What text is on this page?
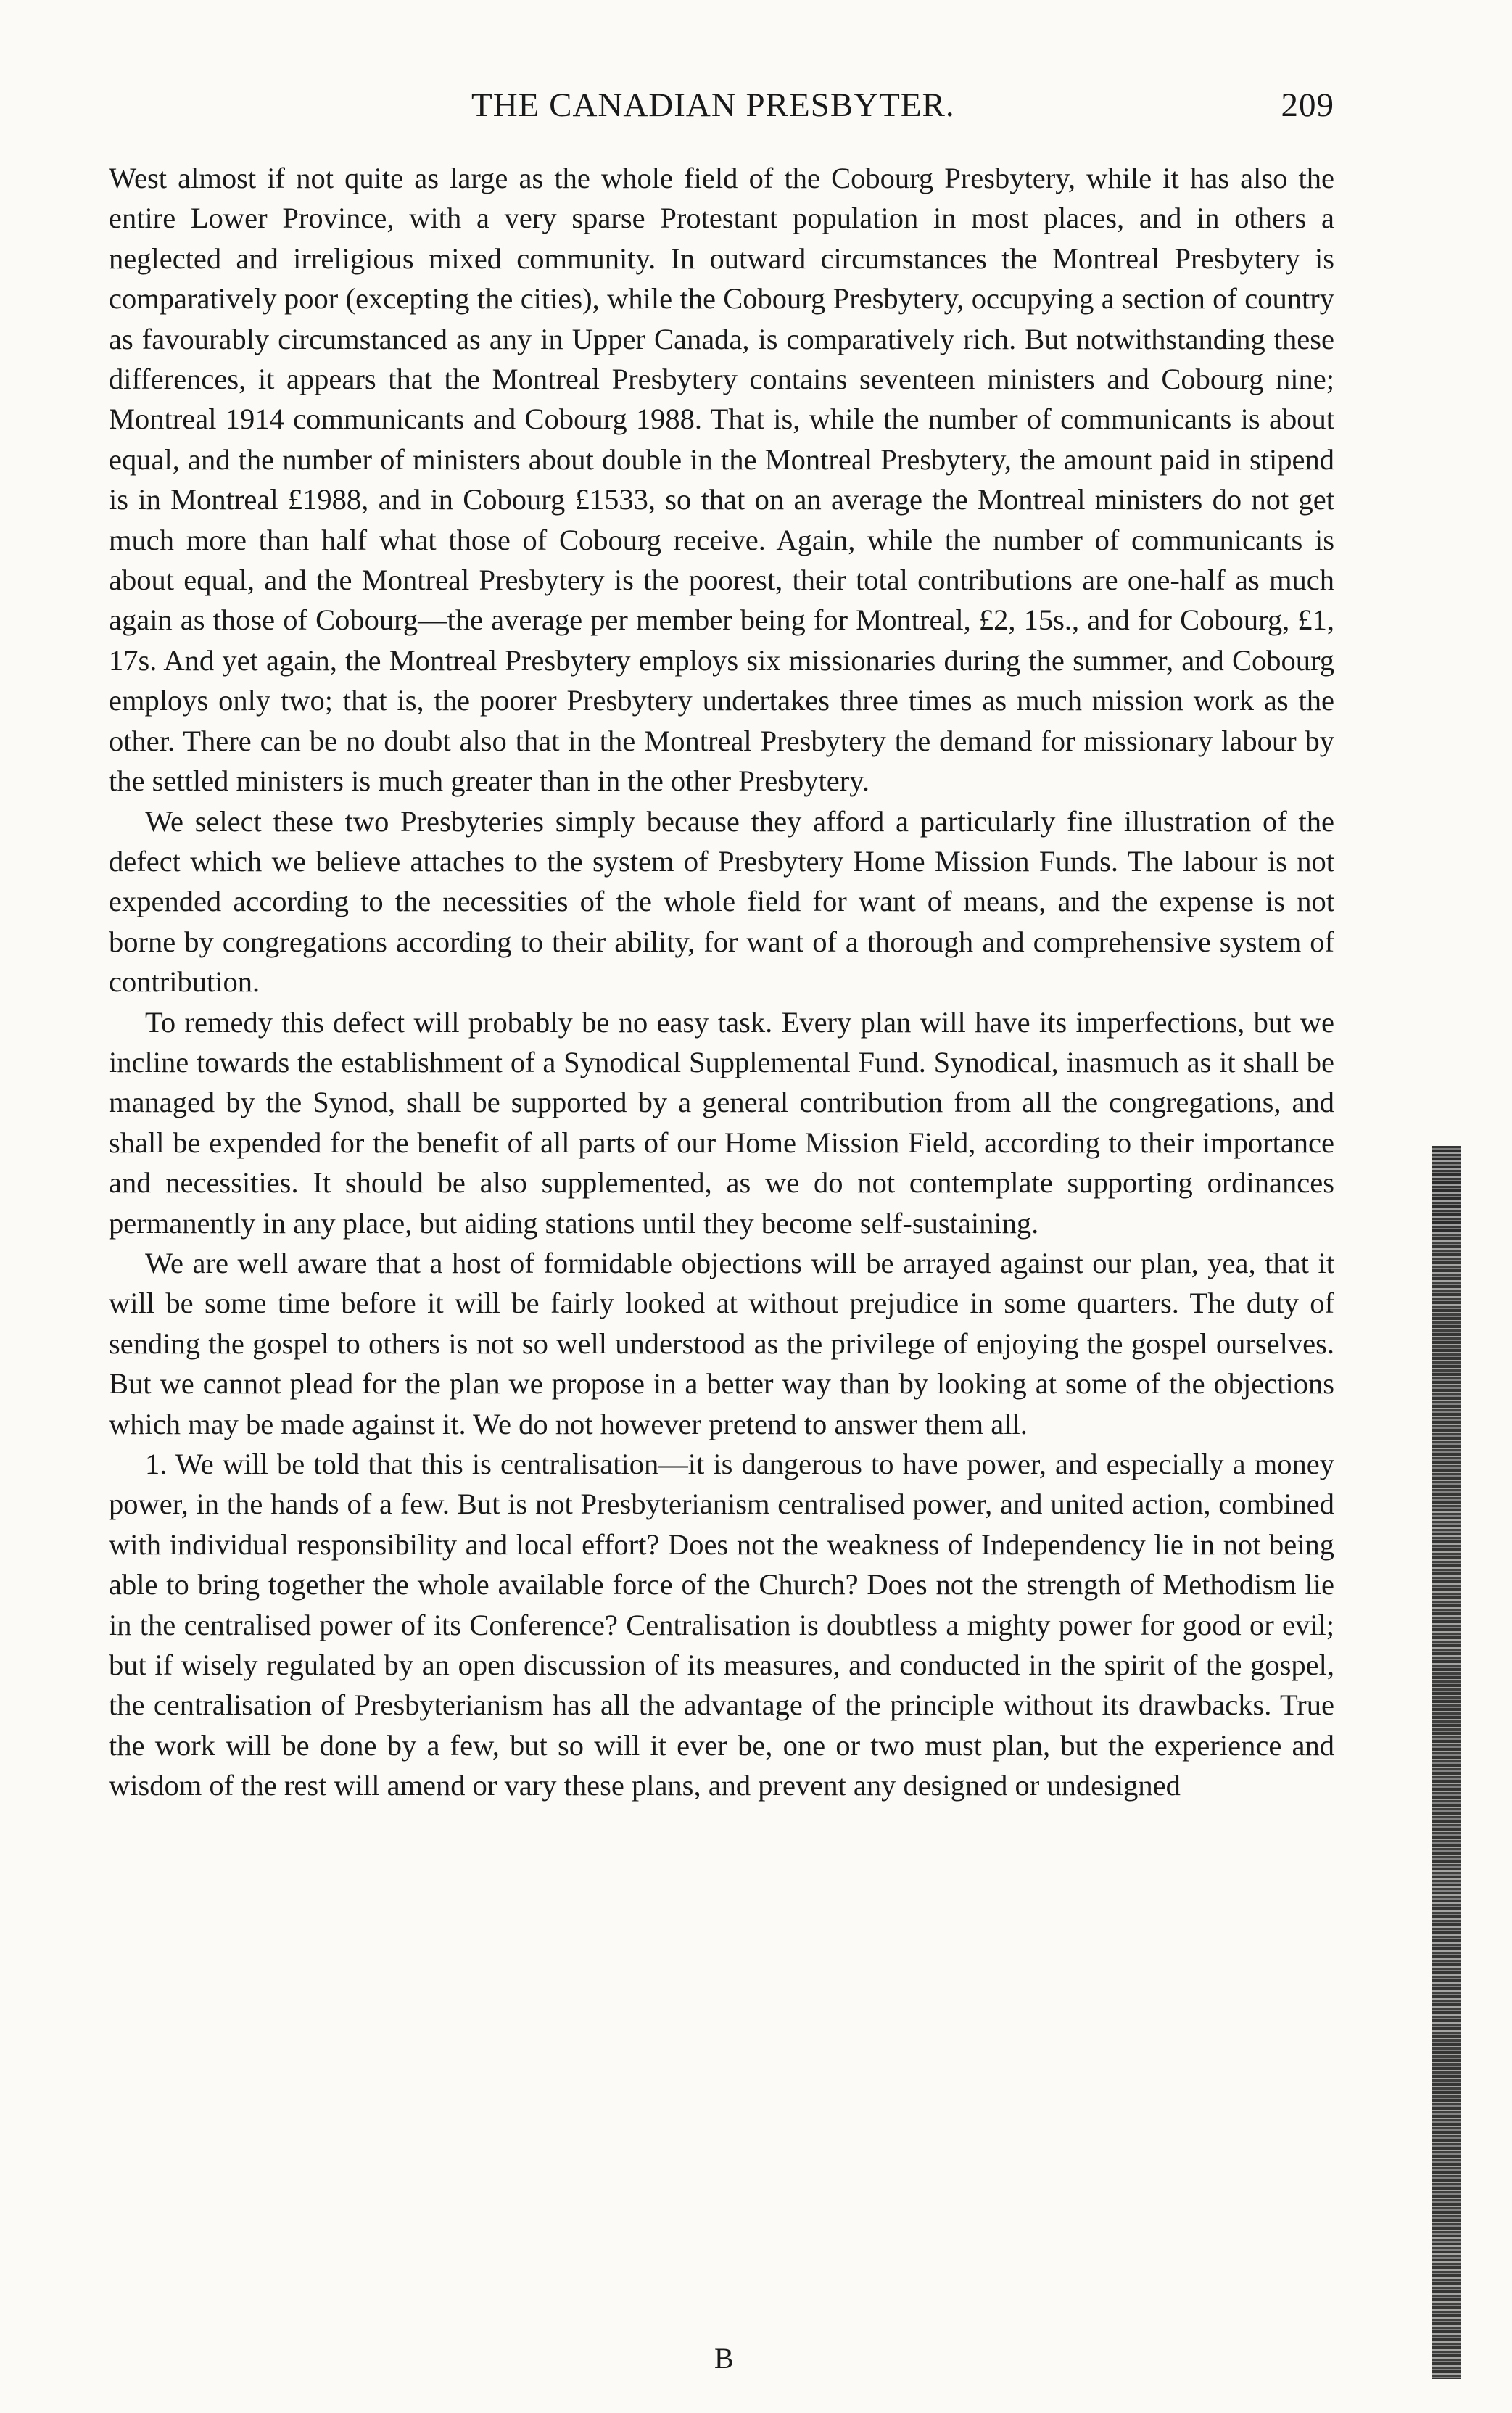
THE CANADIAN PRESBYTER.	209

West almost if not quite as large as the whole field of the Cobourg Presbytery, while it has also the entire Lower Province, with a very sparse Protestant population in most places, and in others a neglected and irreligious mixed community. In outward circumstances the Montreal Presbytery is comparatively poor (excepting the cities), while the Cobourg Presbytery, occupying a section of country as favourably circumstanced as any in Upper Canada, is comparatively rich. But notwithstanding these differences, it appears that the Montreal Presbytery contains seventeen ministers and Cobourg nine; Montreal 1914 communicants and Cobourg 1988. That is, while the number of communicants is about equal, and the number of ministers about double in the Montreal Presbytery, the amount paid in stipend is in Montreal £1988, and in Cobourg £1533, so that on an average the Montreal ministers do not get much more than half what those of Cobourg receive. Again, while the number of communicants is about equal, and the Montreal Presbytery is the poorest, their total contributions are one-half as much again as those of Cobourg—the average per member being for Montreal, £2, 15s., and for Cobourg, £1, 17s. And yet again, the Montreal Presbytery employs six missionaries during the summer, and Cobourg employs only two; that is, the poorer Presbytery undertakes three times as much mission work as the other. There can be no doubt also that in the Montreal Presbytery the demand for missionary labour by the settled ministers is much greater than in the other Presbytery.

We select these two Presbyteries simply because they afford a particularly fine illustration of the defect which we believe attaches to the system of Presbytery Home Mission Funds. The labour is not expended according to the necessities of the whole field for want of means, and the expense is not borne by congregations according to their ability, for want of a thorough and comprehensive system of contribution.

To remedy this defect will probably be no easy task. Every plan will have its imperfections, but we incline towards the establishment of a Synodical Supplemental Fund. Synodical, inasmuch as it shall be managed by the Synod, shall be supported by a general contribution from all the congregations, and shall be expended for the benefit of all parts of our Home Mission Field, according to their importance and necessities. It should be also supplemented, as we do not contemplate supporting ordinances permanently in any place, but aiding stations until they become self-sustaining.

We are well aware that a host of formidable objections will be arrayed against our plan, yea, that it will be some time before it will be fairly looked at without prejudice in some quarters. The duty of sending the gospel to others is not so well understood as the privilege of enjoying the gospel ourselves. But we cannot plead for the plan we propose in a better way than by looking at some of the objections which may be made against it. We do not however pretend to answer them all.

1. We will be told that this is centralisation—it is dangerous to have power, and especially a money power, in the hands of a few. But is not Presbyterianism centralised power, and united action, combined with individual responsibility and local effort? Does not the weakness of Independency lie in not being able to bring together the whole available force of the Church? Does not the strength of Methodism lie in the centralised power of its Conference? Centralisation is doubtless a mighty power for good or evil; but if wisely regulated by an open discussion of its measures, and conducted in the spirit of the gospel, the centralisation of Presbyterianism has all the advantage of the principle without its drawbacks. True the work will be done by a few, but so will it ever be, one or two must plan, but the experience and wisdom of the rest will amend or vary these plans, and prevent any designed or undesigned

B
